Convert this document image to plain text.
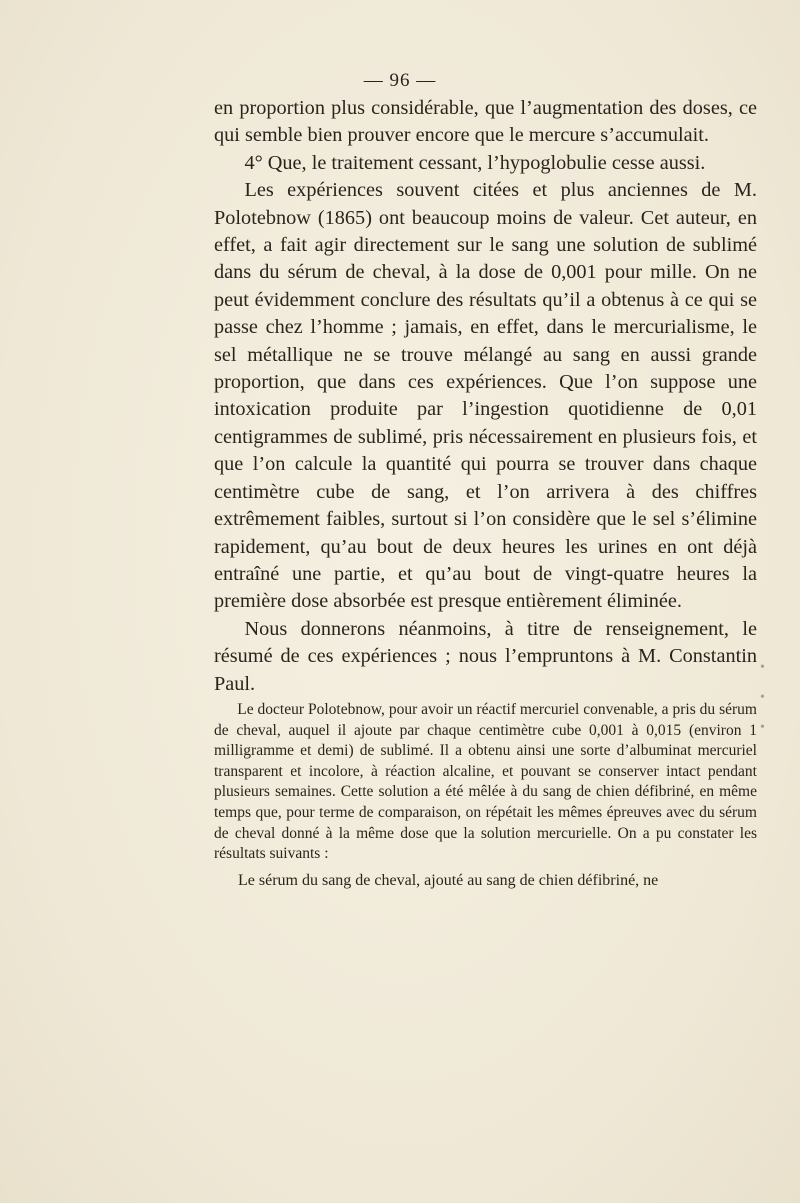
— 96 —

en proportion plus considérable, que l’augmentation des doses, ce qui semble bien prouver encore que le mercure s’accumulait.

4° Que, le traitement cessant, l’hypoglobulie cesse aussi.

Les expériences souvent citées et plus anciennes de M. Polotebnow (1865) ont beaucoup moins de valeur. Cet auteur, en effet, a fait agir directement sur le sang une solution de sublimé dans du sérum de cheval, à la dose de 0,001 pour mille. On ne peut évidemment conclure des résultats qu’il a obtenus à ce qui se passe chez l’homme ; jamais, en effet, dans le mercurialisme, le sel métallique ne se trouve mélangé au sang en aussi grande proportion, que dans ces expériences. Que l’on suppose une intoxication produite par l’ingestion quotidienne de 0,01 centigrammes de sublimé, pris nécessairement en plusieurs fois, et que l’on calcule la quantité qui pourra se trouver dans chaque centimètre cube de sang, et l’on arrivera à des chiffres extrêmement faibles, surtout si l’on considère que le sel s’élimine rapidement, qu’au bout de deux heures les urines en ont déjà entraîné une partie, et qu’au bout de vingt-quatre heures la première dose absorbée est presque entièrement éliminée.

Nous donnerons néanmoins, à titre de renseignement, le résumé de ces expériences ; nous l’empruntons à M. Constantin Paul.

Le docteur Polotebnow, pour avoir un réactif mercuriel convenable, a pris du sérum de cheval, auquel il ajoute par chaque centimètre cube 0,001 à 0,015 (environ 1 milligramme et demi) de sublimé. Il a obtenu ainsi une sorte d’albuminat mercuriel transparent et incolore, à réaction alcaline, et pouvant se conserver intact pendant plusieurs semaines. Cette solution a été mêlée à du sang de chien défibriné, en même temps que, pour terme de comparaison, on répétait les mêmes épreuves avec du sérum de cheval donné à la même dose que la solution mercurielle. On a pu constater les résultats suivants :

Le sérum du sang de cheval, ajouté au sang de chien défibriné, ne

•
•
•
